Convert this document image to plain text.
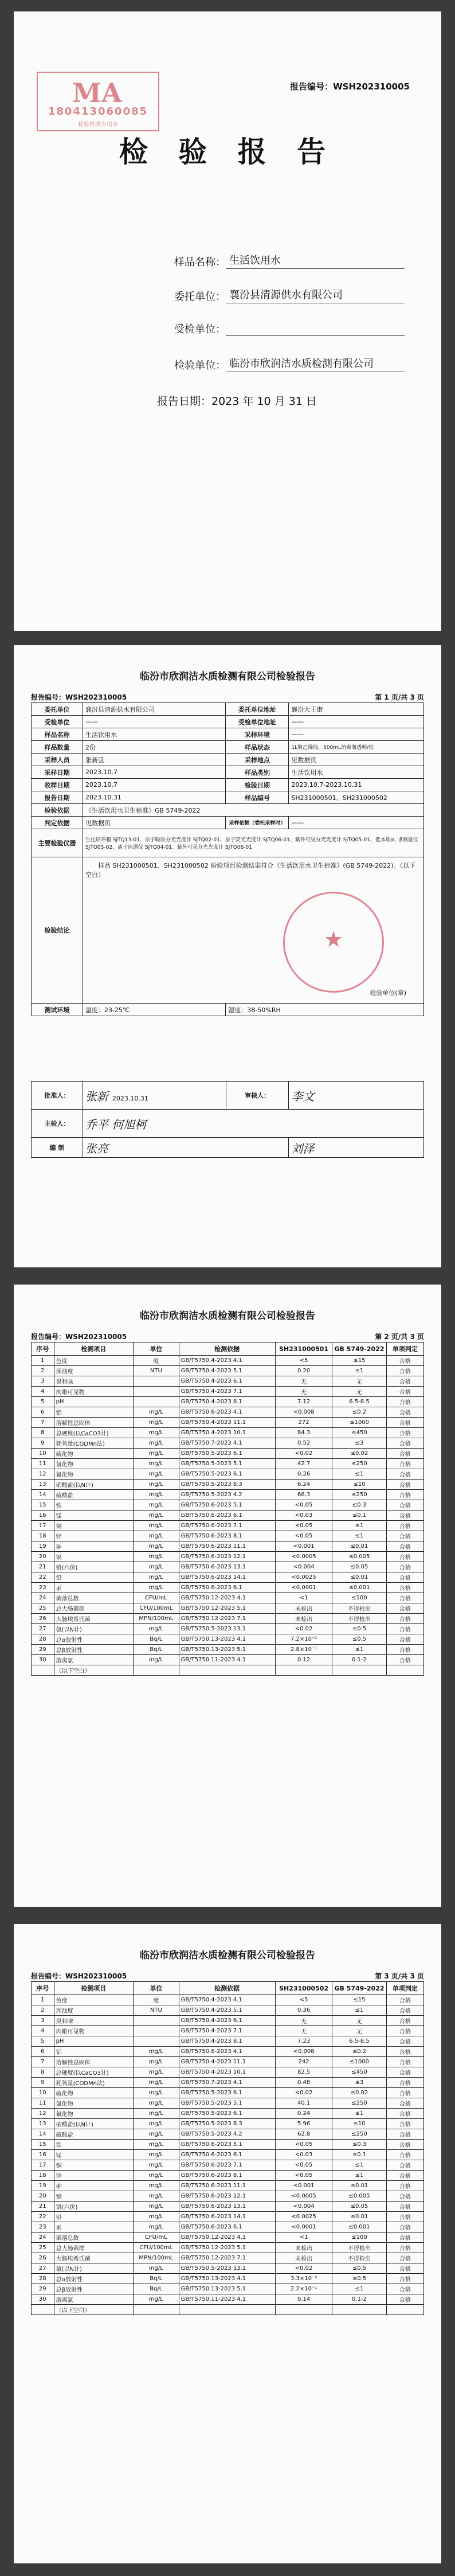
MA
180413060085
检验检测专用章
报告编号：WSH202310005
检 验 报 告
样品名称： 生活饮用水
委托单位： 襄汾县清源供水有限公司
受检单位：
检验单位： 临汾市欣润洁水质检测有限公司
报告日期：2023 年 10 月 31 日
临汾市欣润洁水质检测有限公司检验报告
报告编号：WSH202310005	第 1 页/共 3 页
委托单位	襄汾县清源供水有限公司	委托单位地址	襄汾大王街
受检单位	——	受检单位地址	——
样品名称	生活饮用水	采样环境	——
样品数量	2份	样品状态	1L聚乙烯瓶，500mL消毒瓶透明/棕
采样人员	张新弦	采样地点	见数据页
采样日期	2023.10.7	样品类别	生活饮用水
收样日期	2023.10.7	检验日期	2023.10.7-2023.10.31
报告日期	2023.10.31	样品编号	SH231000501、SH231000502
检验依据	《生活饮用水卫生标准》GB 5749-2022		
判定依据	见数据页	采样依据（委托采样时）	——
主要检验仪器	生化培养箱 SJTQ13-01、原子吸收分光光度计 SJTQ02-01、原子荧光光度计 SJTQ06-01、紫外可见分光光度计 SJTQ05-01、低本底α、β测量仪 SJTQ05-02、离子色谱仪 SJTQ04-01、紫外可见分光光度计 SJTQ06-01		
检验结论	样品 SH231000501、SH231000502 检验项目检测结果符合《生活饮用水卫生标准》(GB 5749-2022)。（以下空白）
检验单位(章)		

测试环境	温度：23-25℃	湿度：38-50%RH	
★
批准人：	张新 2023.10.31	审核人：	李文
主检人：	乔平 何旭柯		
编 制	张亮		刘泽
临汾市欣润洁水质检测有限公司检验报告
报告编号：WSH202310005	第 2 页/共 3 页
序号	检测项目	单位	检测依据	SH231000501	GB 5749-2022	单项判定
1	色度	度	GB/T5750.4-2023 4.1	<5	≤15	合格
2	浑浊度	NTU	GB/T5750.4-2023 5.1	0.20	≤1	合格
3	臭和味		GB/T5750.4-2023 6.1	无	无	合格
4	肉眼可见物		GB/T5750.4-2023 7.1	无	无	合格
5	pH		GB/T5750.4-2023 8.1	7.12	6.5-8.5	合格
6	铝	mg/L	GB/T5750.6-2023 4.1	<0.008	≤0.2	合格
7	溶解性总固体	mg/L	GB/T5750.4-2023 11.1	272	≤1000	合格
8	总硬度(以CaCO3计)	mg/L	GB/T5750.4-2023 10.1	84.3	≤450	合格
9	耗氧量(CODMn法)	mg/L	GB/T5750.7-2023 4.1	0.52	≤3	合格
10	硫化物	mg/L	GB/T5750.5-2023 6.1	<0.02	≤0.02	合格
11	氯化物	mg/L	GB/T5750.5-2023 5.1	42.7	≤250	合格
12	氟化物	mg/L	GB/T5750.5-2023 6.1	0.26	≤1	合格
13	硝酸盐(以N计)	mg/L	GB/T5750.5-2023 8.3	6.24	≤10	合格
14	硫酸盐	mg/L	GB/T5750.5-2023 4.2	66.3	≤250	合格
15	铁	mg/L	GB/T5750.6-2023 5.1	<0.05	≤0.3	合格
16	锰	mg/L	GB/T5750.6-2023 6.1	<0.03	≤0.1	合格
17	铜	mg/L	GB/T5750.6-2023 7.1	<0.05	≤1	合格
18	锌	mg/L	GB/T5750.6-2023 8.1	<0.05	≤1	合格
19	砷	mg/L	GB/T5750.6-2023 11.1	<0.001	≤0.01	合格
20	镉	mg/L	GB/T5750.6-2023 12.1	<0.0005	≤0.005	合格
21	铬(六价)	mg/L	GB/T5750.6-2023 13.1	<0.004	≤0.05	合格
22	铅	mg/L	GB/T5750.6-2023 14.1	<0.0025	≤0.01	合格
23	汞	mg/L	GB/T5750.6-2023 6.1	<0.0001	≤0.001	合格
24	菌落总数	CFU/mL	GB/T5750.12-2023 4.1	<1	≤100	合格
25	总大肠菌群	CFU/100mL	GB/T5750.12-2023 5.1	未检出	不得检出	合格
26	大肠埃希氏菌	MPN/100mL	GB/T5750.12-2023 7.1	未检出	不得检出	合格
27	氨(以N计)	mg/L	GB/T5750.5-2023 13.1	<0.02	≤0.5	合格
28	总α放射性	Bq/L	GB/T5750.13-2023 4.1	7.2×10⁻²	≤0.5	合格
29	总β放射性	Bq/L	GB/T5750.13-2023 5.1	2.8×10⁻¹	≤1	合格
30	游离氯	mg/L	GB/T5750.11-2023 4.1	0.12	0.1-2	合格
	（以下空白）					
临汾市欣润洁水质检测有限公司检验报告
报告编号：WSH202310005	第 3 页/共 3 页
序号	检测项目	单位	检测依据	SH231000502	GB 5749-2022	单项判定
1	色度	度	GB/T5750.4-2023 4.1	<5	≤15	合格
2	浑浊度	NTU	GB/T5750.4-2023 5.1	0.36	≤1	合格
3	臭和味		GB/T5750.4-2023 6.1	无	无	合格
4	肉眼可见物		GB/T5750.4-2023 7.1	无	无	合格
5	pH		GB/T5750.4-2023 8.1	7.23	6.5-8.5	合格
6	铝	mg/L	GB/T5750.6-2023 4.1	<0.008	≤0.2	合格
7	溶解性总固体	mg/L	GB/T5750.4-2023 11.1	242	≤1000	合格
8	总硬度(以CaCO3计)	mg/L	GB/T5750.4-2023 10.1	82.5	≤450	合格
9	耗氧量(CODMn法)	mg/L	GB/T5750.7-2023 4.1	0.48	≤3	合格
10	硫化物	mg/L	GB/T5750.5-2023 6.1	<0.02	≤0.02	合格
11	氯化物	mg/L	GB/T5750.5-2023 5.1	40.1	≤250	合格
12	氟化物	mg/L	GB/T5750.5-2023 6.1	0.24	≤1	合格
13	硝酸盐(以N计)	mg/L	GB/T5750.5-2023 8.3	5.96	≤10	合格
14	硫酸盐	mg/L	GB/T5750.5-2023 4.2	62.8	≤250	合格
15	铁	mg/L	GB/T5750.6-2023 5.1	<0.05	≤0.3	合格
16	锰	mg/L	GB/T5750.6-2023 6.1	<0.03	≤0.1	合格
17	铜	mg/L	GB/T5750.6-2023 7.1	<0.05	≤1	合格
18	锌	mg/L	GB/T5750.6-2023 8.1	<0.05	≤1	合格
19	砷	mg/L	GB/T5750.6-2023 11.1	<0.001	≤0.01	合格
20	镉	mg/L	GB/T5750.6-2023 12.1	<0.0005	≤0.005	合格
21	铬(六价)	mg/L	GB/T5750.6-2023 13.1	<0.004	≤0.05	合格
22	铅	mg/L	GB/T5750.6-2023 14.1	<0.0025	≤0.01	合格
23	汞	mg/L	GB/T5750.6-2023 6.1	<0.0001	≤0.001	合格
24	菌落总数	CFU/mL	GB/T5750.12-2023 4.1	<1	≤100	合格
25	总大肠菌群	CFU/100mL	GB/T5750.12-2023 5.1	未检出	不得检出	合格
26	大肠埃希氏菌	MPN/100mL	GB/T5750.12-2023 7.1	未检出	不得检出	合格
27	氨(以N计)	mg/L	GB/T5750.5-2023 13.1	<0.02	≤0.5	合格
28	总α放射性	Bq/L	GB/T5750.13-2023 4.1	3.3×10⁻²	≤0.5	合格
29	总β放射性	Bq/L	GB/T5750.13-2023 5.1	2.2×10⁻¹	≤1	合格
30	游离氯	mg/L	GB/T5750.11-2023 4.1	0.14	0.1-2	合格
	（以下空白）					
